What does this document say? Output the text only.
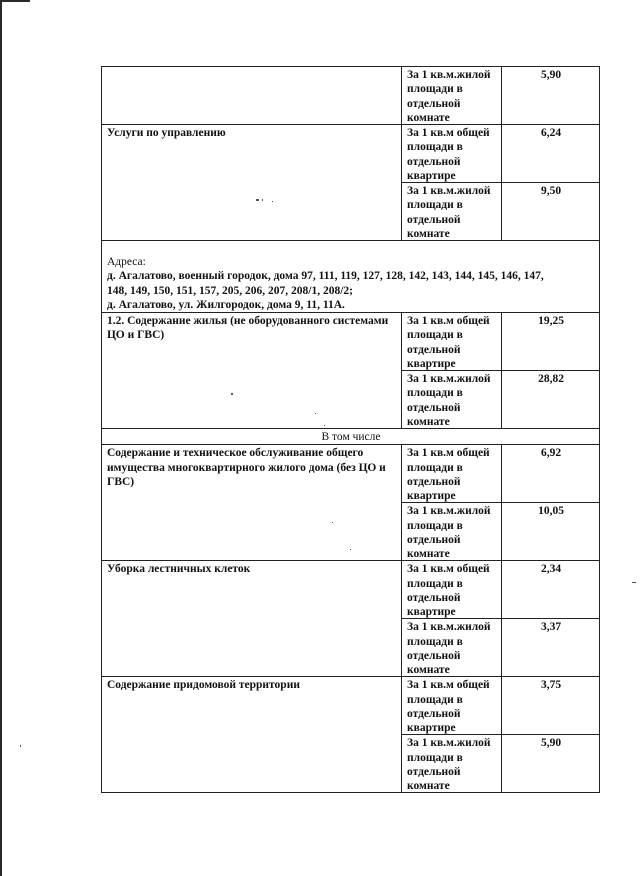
	За 1 кв.м.жилой площади в отдельной комнате	5,90
Услуги по управлению	За 1 кв.м общей площади в отдельной квартире	6,24

	За 1 кв.м.жилой площади в отдельной комнате	9,50

Адреса:
д. Агалатово, военный городок, дома 97, 111, 119, 127, 128, 142, 143, 144, 145, 146, 147,
148, 149, 150, 151, 157, 205, 206, 207, 208/1, 208/2;
д. Агалатово, ул. Жилгородок, дома 9, 11, 11А.		

1.2. Содержание жилья (не оборудованного системами ЦО и ГВС)	За 1 кв.м общей площади в отдельной квартире	19,25

	За 1 кв.м.жилой площади в отдельной комнате	28,82
В том числе		
Содержание и техническое обслуживание общего имущества многоквартирного жилого дома (без ЦО и ГВС)	За 1 кв.м общей площади в отдельной квартире	6,92

	За 1 кв.м.жилой площади в отдельной комнате	10,05
Уборка лестничных клеток	За 1 кв.м общей площади в отдельной квартире	2,34

	За 1 кв.м.жилой площади в отдельной комнате	3,37
Содержание придомовой территории	За 1 кв.м общей площади в отдельной квартире	3,75

	За 1 кв.м.жилой площади в отдельной комнате	5,90
